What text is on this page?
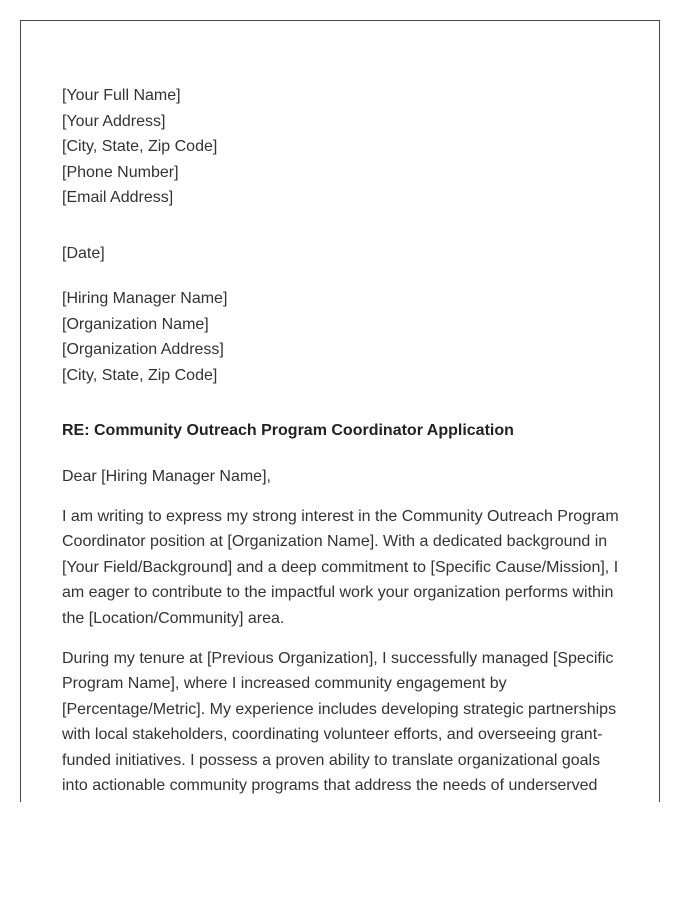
[Your Full Name]
[Your Address]
[City, State, Zip Code]
[Phone Number]
[Email Address]
[Date]
[Hiring Manager Name]
[Organization Name]
[Organization Address]
[City, State, Zip Code]
RE: Community Outreach Program Coordinator Application
Dear [Hiring Manager Name],
I am writing to express my strong interest in the Community Outreach Program
Coordinator position at [Organization Name]. With a dedicated background in
[Your Field/Background] and a deep commitment to [Specific Cause/Mission], I
am eager to contribute to the impactful work your organization performs within
the [Location/Community] area.
During my tenure at [Previous Organization], I successfully managed [Specific
Program Name], where I increased community engagement by
[Percentage/Metric]. My experience includes developing strategic partnerships
with local stakeholders, coordinating volunteer efforts, and overseeing grant-
funded initiatives. I possess a proven ability to translate organizational goals
into actionable community programs that address the needs of underserved
